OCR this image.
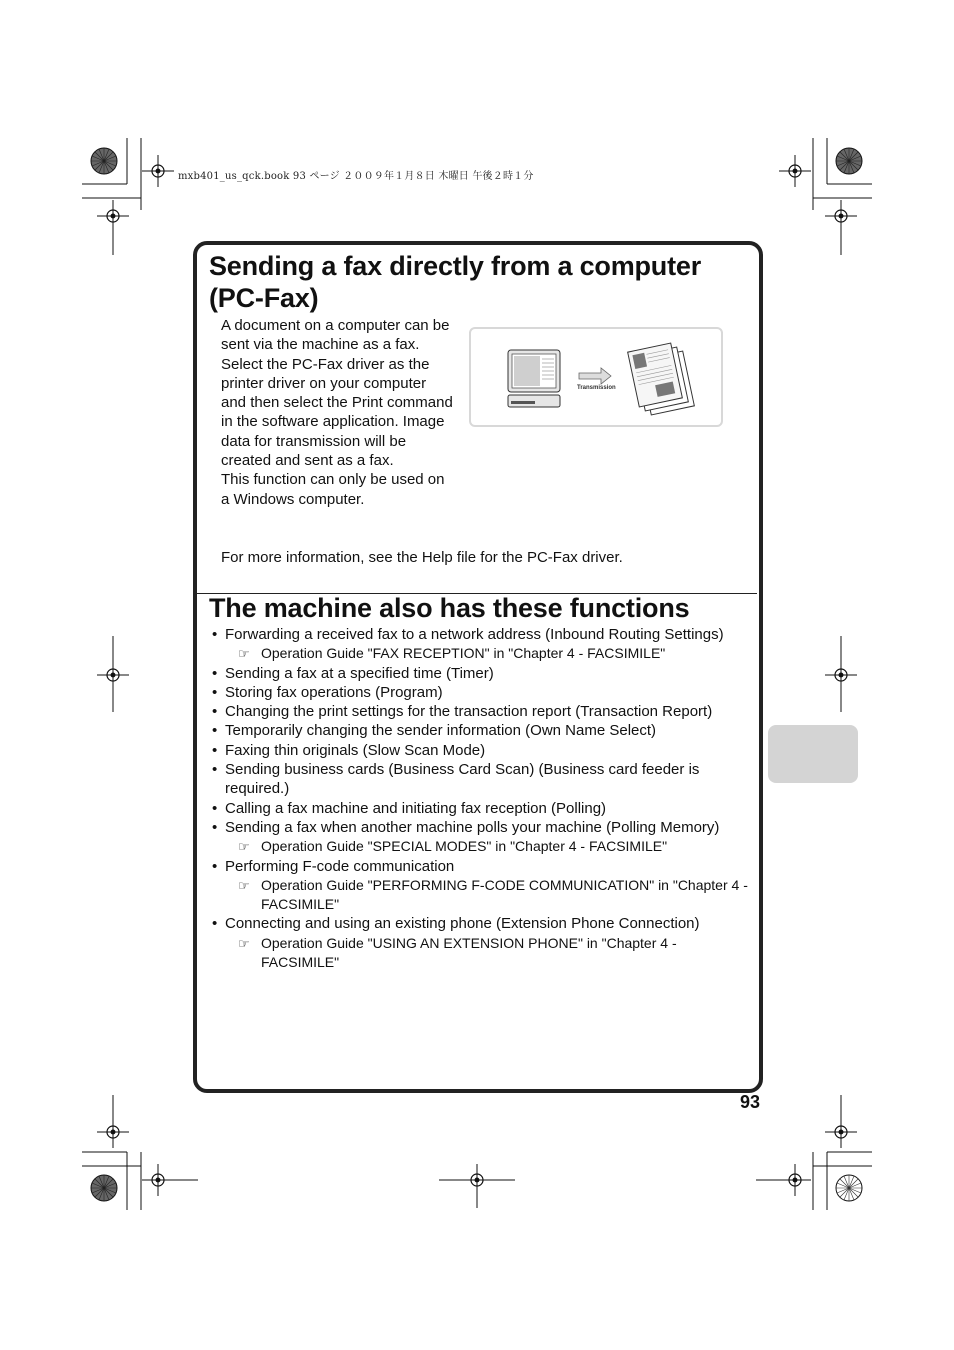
mxb401_us_qck.book 93 ページ ２００９年１月８日 木曜日 午後２時１分
Sending a fax directly from a computer (PC-Fax)

A document on a computer can be sent via the machine as a fax. Select the PC-Fax driver as the printer driver on your computer and then select the Print command in the software application. Image data for transmission will be created and sent as a fax.

This function can only be used on a Windows computer.

Transmission
For more information, see the Help file for the PC-Fax driver.
The machine also has these functions
• Forwarding a received fax to a network address (Inbound Routing Settings)
☞ Operation Guide "FAX RECEPTION" in "Chapter 4 - FACSIMILE"
• Sending a fax at a specified time (Timer)
• Storing fax operations (Program)
• Changing the print settings for the transaction report (Transaction Report)
• Temporarily changing the sender information (Own Name Select)
• Faxing thin originals (Slow Scan Mode)
• Sending business cards (Business Card Scan) (Business card feeder is required.)
• Calling a fax machine and initiating fax reception (Polling)
• Sending a fax when another machine polls your machine (Polling Memory)
☞ Operation Guide "SPECIAL MODES" in "Chapter 4 - FACSIMILE"
• Performing F-code communication
☞ Operation Guide "PERFORMING F-CODE COMMUNICATION" in "Chapter 4 - FACSIMILE"
• Connecting and using an existing phone (Extension Phone Connection)
☞ Operation Guide "USING AN EXTENSION PHONE" in "Chapter 4 - FACSIMILE"
93
